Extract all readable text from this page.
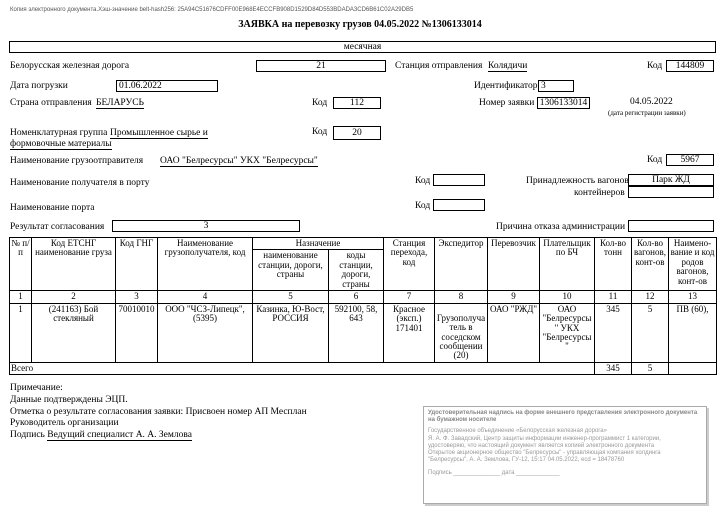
Копия электронного документа.Хэш-значение belt-hash256: 25A94C51676CDFF00E968E4ECCFB908D1529D84D553BDADA3CD6B61C02A29DB5
ЗАЯВКА на перевозку грузов 04.05.2022 №1306133014
месячная
Белорусская железная дорога	21	Станция отправления Колядичи	Код	144809
Дата погрузки	01.06.2022	Идентификатор 3
Страна отправления БЕЛАРУСЬ	Код	112	Номер заявки 1306133014	04.05.2022
(дата регистрации заявки)
Номенклатурная группа Промышленное сырье и
формовочные материалы
Код	20
Наименование грузоотправителя ОАО "Белресурсы" УКХ "Белресурсы"	Код	5967
Наименование получателя в порту	Код	Принадлежность вагонов	Парк ЖД
контейнеров
Наименование порта	Код
Результат согласования	3	Причина отказа администрации
№ п/п	Код ЕТСНГ наименование груза	Код ГНГ	Наименование грузополучателя, код	Назначение		Станция перехода, код	Экспедитор	Перевозчик	Плательщик по БЧ	Кол-во тонн	Кол-во вагонов, конт-ов	Наимено-вание и код родов вагонов, конт-ов
				наименование станции, дороги, страны	коды станции, дороги, страны							
1	2	3	4	5	6	7	8	9	10	11	12	13
1	(241163) Бой стекляный	70010010	ООО "ЧСЗ-Липецк", (5395)	Казинка, Ю-Вост, РОССИЯ	592100, 58, 643	Красное (эксп.) 171401	Грузополуча тель в соседском сообщении (20)	ОАО "РЖД"	ОАО "Белресурсы " УКХ "Белресурсы "	345	5	ПВ (60),
Всего										345	5	
Примечание:
Данные подтверждены ЭЦП.
Отметка о результате согласования заявки: Присвоен номер АП Месплан
Руководитель организации
Подпись Ведущий специалист А. А. Землова
Удостоверительная надпись на форме внешнего представления электронного документа на бумажном носителе
Государственное объединение «Белорусская железная дорога»
Я. А. Ф. Завадский, Центр защиты информации инженер-программист 1 категории,
удостоверяю, что настоящий документ является копией электронного документа
Открытое акционерное общество "Белресурсы" - управляющая компания холдинга
"Белресурсы", А. А. Землова, ГУ-12, 15:17 04.05.2022, ecd = 18478760
Подпись ______________ дата _____________
